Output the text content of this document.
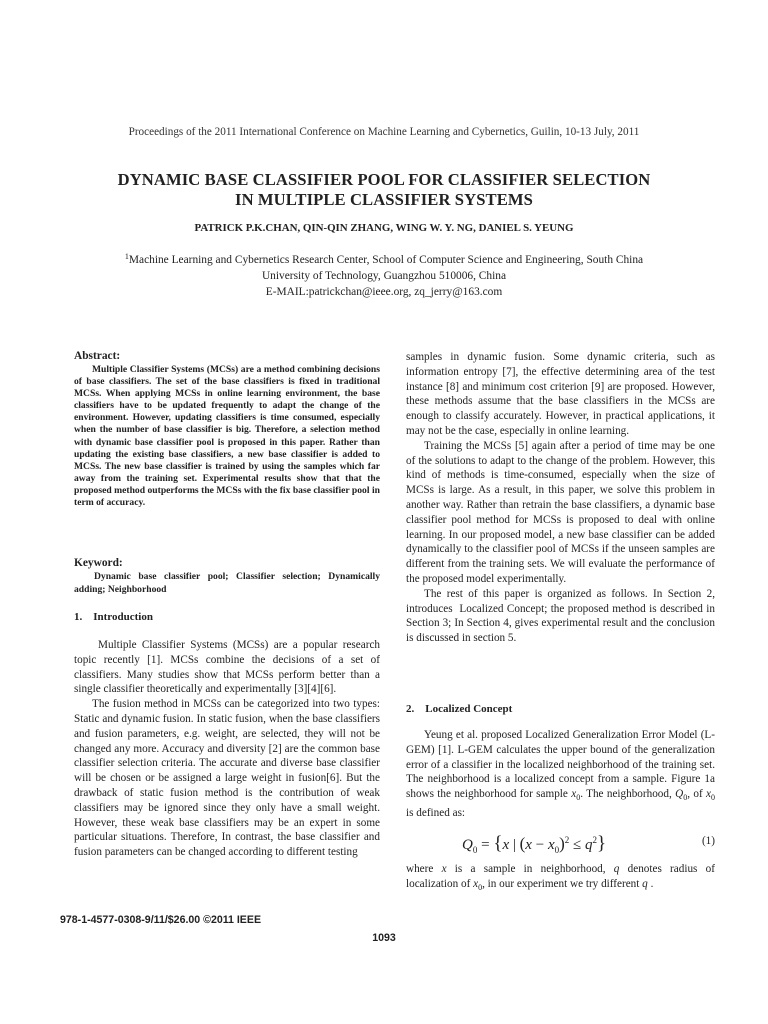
Proceedings of the 2011 International Conference on Machine Learning and Cybernetics, Guilin, 10-13 July, 2011
DYNAMIC BASE CLASSIFIER POOL FOR CLASSIFIER SELECTION
IN MULTIPLE CLASSIFIER SYSTEMS
PATRICK P.K.CHAN, QIN-QIN ZHANG, WING W. Y. NG, DANIEL S. YEUNG
$^1$Machine Learning and Cybernetics Research Center, School of Computer Science and Engineering, South China
University of Technology, Guangzhou 510006, China
E-MAIL:patrickchan@ieee.org, zq_jerry@163.com
Abstract:

Multiple Classifier Systems (MCSs) are a method combining decisions of base classifiers. The set of the base classifiers is fixed in traditional MCSs. When applying MCSs in online learning environment, the base classifiers have to be updated frequently to adapt the change of the environment. However, updating classifiers is time consumed, especially when the number of base classifier is big. Therefore, a selection method with dynamic base classifier pool is proposed in this paper. Rather than updating the existing base classifiers, a new base classifier is added to MCSs. The new base classifier is trained by using the samples which far away from the training set. Experimental results show that that the proposed method outperforms the MCSs with the fix base classifier pool in term of accuracy.

Keyword:

Dynamic base classifier pool; Classifier selection; Dynamically adding; Neighborhood

1.    Introduction

Multiple Classifier Systems (MCSs) are a popular research topic recently [1]. MCSs combine the decisions of a set of classifiers. Many studies show that MCSs perform better than a single classifier theoretically and experimentally [3][4][6].

The fusion method in MCSs can be categorized into two types: Static and dynamic fusion. In static fusion, when the base classifiers and fusion parameters, e.g. weight, are selected, they will not be changed any more. Accuracy and diversity [2] are the common base classifier selection criteria. The accurate and diverse base classifier will be chosen or be assigned a large weight in fusion[6]. But the drawback of static fusion method is the contribution of weak classifiers may be ignored since they only have a small weight. However, these weak base classifiers may be an expert in some particular situations. Therefore, In contrast, the base classifier and fusion parameters can be changed according to different testing

samples in dynamic fusion. Some dynamic criteria, such as information entropy [7], the effective determining area of the test instance [8] and minimum cost criterion [9] are proposed. However, these methods assume that the base classifiers in the MCSs are enough to classify accurately. However, in practical applications, it may not be the case, especially in online learning.

Training the MCSs [5] again after a period of time may be one of the solutions to adapt to the change of the problem. However, this kind of methods is time-consumed, especially when the size of MCSs is large. As a result, in this paper, we solve this problem in another way. Rather than retrain the base classifiers, a dynamic base classifier pool method for MCSs is proposed to deal with online learning. In our proposed model, a new base classifier can be added dynamically to the classifier pool of MCSs if the unseen samples are different from the training sets. We will evaluate the performance of the proposed model experimentally.

The rest of this paper is organized as follows. In Section 2, introduces  Localized Concept; the proposed method is described in Section 3; In Section 4, gives experimental result and the conclusion is discussed in section 5.

2.    Localized Concept

Yeung et al. proposed Localized Generalization Error Model (L-GEM) [1]. L-GEM calculates the upper bound of the generalization error of a classifier in the localized neighborhood of the training set. The neighborhood is a localized concept from a sample. Figure 1a shows the neighborhood for sample $x_0$. The neighborhood, $Q_0$, of $x_0$ is defined as:

$Q_0 = \{x$ | $(x - x_0)^2 \le q^2$}	(1)

where x is a sample in neighborhood, q denotes radius of localization of $x_0$, in our experiment we try different q .

978-1-4577-0308-9/11/$26.00 ©2011 IEEE
1093
